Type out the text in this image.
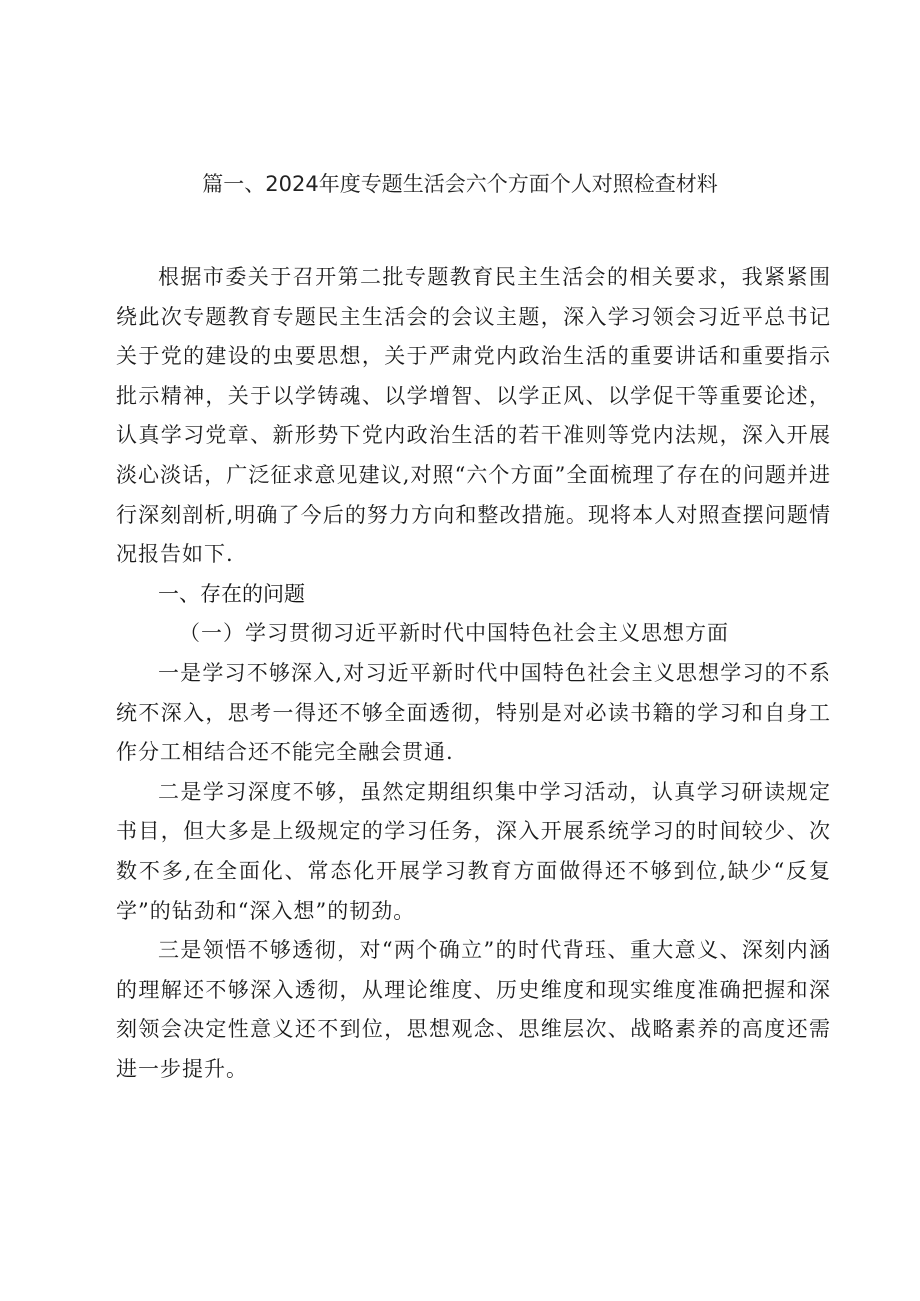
篇一、2024年度专题生活会六个方面个人对照检查材料

根据市委关于召开第二批专题教育民主生活会的相关要求，我紧紧围绕此次专题教育专题民主生活会的会议主题，深入学习领会习近平总书记关于党的建设的虫要思想，关于严肃党内政治生活的重要讲话和重要指示批示精神，关于以学铸魂、以学增智、以学正风、以学促干等重要论述，认真学习党章、新形势下党内政治生活的若干准则等党内法规，深入开展淡心淡话，广泛征求意见建议,对照“六个方面”全面梳理了存在的问题并进行深刻剖析,明确了今后的努力方向和整改措施。现将本人对照查摆问题情况报告如下.

一、存在的问题

（一）学习贯彻习近平新时代中国特色社会主义思想方面

一是学习不够深入,对习近平新时代中国特色社会主义思想学习的不系统不深入，思考一得还不够全面透彻，特别是对必读书籍的学习和自身工作分工相结合还不能完全融会贯通.

二是学习深度不够，虽然定期组织集中学习活动，认真学习研读规定书目，但大多是上级规定的学习任务，深入开展系统学习的时间较少、次数不多,在全面化、常态化开展学习教育方面做得还不够到位,缺少“反复学”的钻劲和“深入想”的韧劲。

三是领悟不够透彻，对“两个确立”的时代背珏、重大意义、深刻内涵的理解还不够深入透彻，从理论维度、历史维度和现实维度准确把握和深刻领会决定性意义还不到位，思想观念、思维层次、战略素养的高度还需进一步提升。
